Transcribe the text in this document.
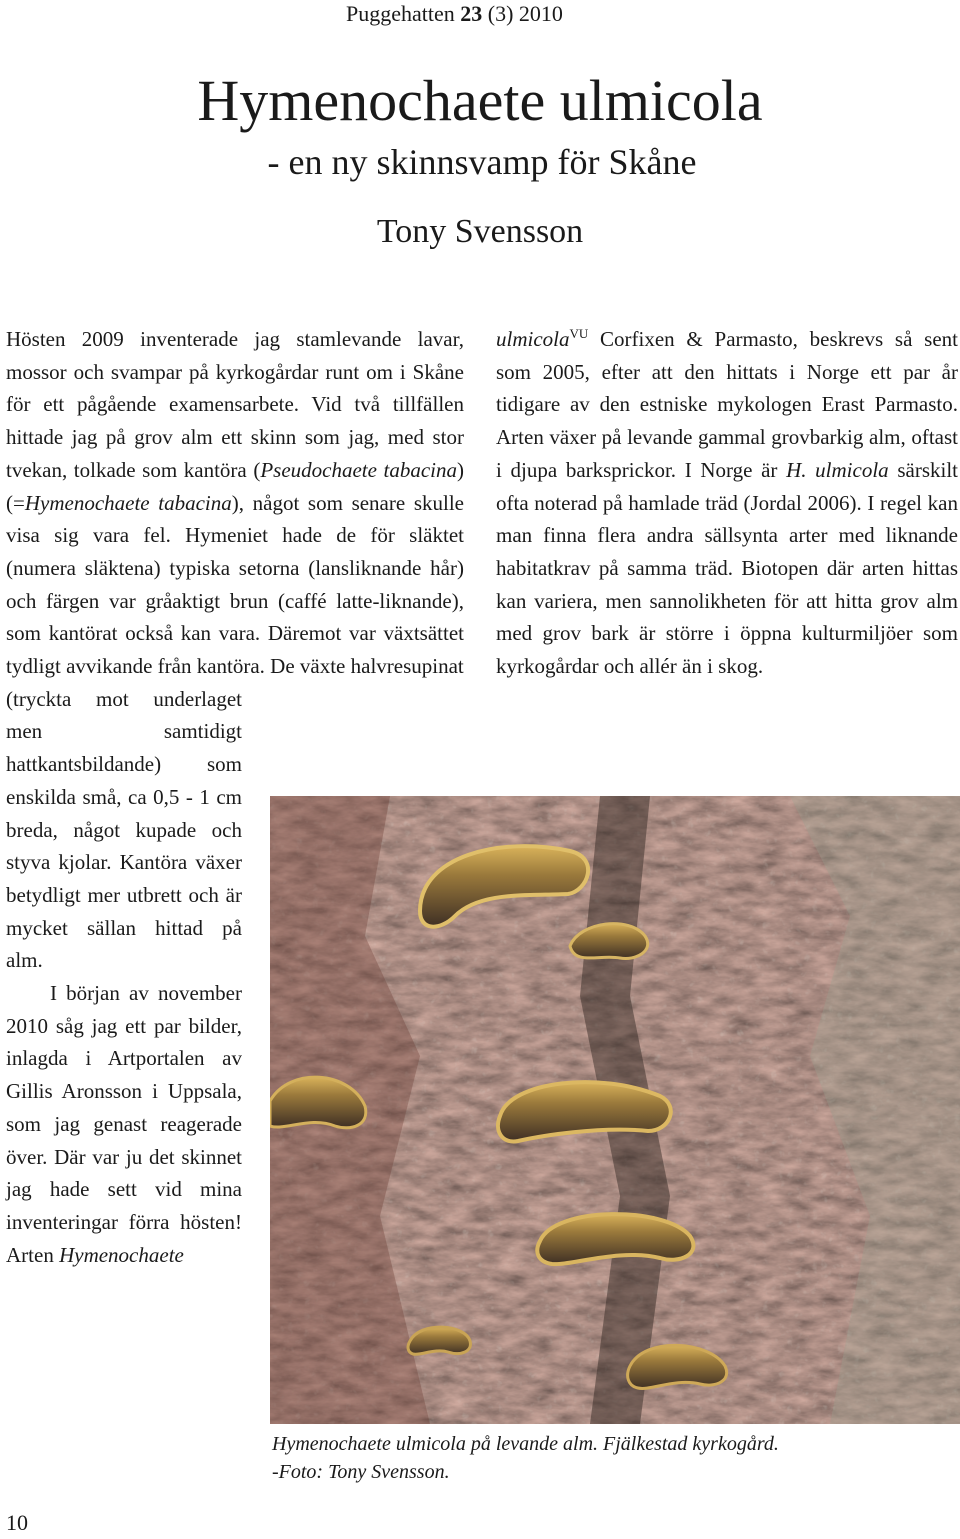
Puggehatten 23 (3) 2010
Hymenochaete ulmicola
- en ny skinnsvamp för Skåne
Tony Svensson

Hösten 2009 inventerade jag stamlevande lavar, mossor och svampar på kyrkogårdar runt om i Skåne för ett pågående examensarbete. Vid två tillfällen hittade jag på grov alm ett skinn som jag, med stor tvekan, tolkade som kantöra (Pseudochaete tabacina) (=Hymenochaete tabacina), något som senare skulle visa sig vara fel. Hymeniet hade de för släktet (numera släktena) typiska setorna (lansliknande hår) och färgen var gråaktigt brun (caffé latte-liknande), som kantörat också kan vara. Däremot var växtsättet tydligt avvikande från kantöra. De växte halvresupinat

(tryckta mot underlaget men samtidigt hattkantsbildande) som enskilda små, ca 0,5 - 1 cm breda, något kupade och styva kjolar. Kantöra växer betydligt mer utbrett och är mycket sällan hittad på alm.

I början av november 2010 såg jag ett par bilder, inlagda i Artportalen av Gillis Aronsson i Uppsala, som jag genast reagerade över. Där var ju det skinnet jag hade sett vid mina inventeringar förra hösten! Arten Hymenochaete

ulmicola$^{VU}$ Corfixen & Parmasto, beskrevs så sent som 2005, efter att den hittats i Norge ett par år tidigare av den estniske mykologen Erast Parmasto. Arten växer på levande gammal grovbarkig alm, oftast i djupa barksprickor. I Norge är H. ulmicola särskilt ofta noterad på hamlade träd (Jordal 2006). I regel kan man finna flera andra sällsynta arter med liknande habitatkrav på samma träd. Biotopen där arten hittas kan variera, men sannolikheten för att hitta grov alm med grov bark är större i öppna kulturmiljöer som kyrkogårdar och allér än i skog.

Hymenochaete ulmicola på levande alm. Fjälkestad kyrkogård.
-Foto: Tony Svensson.
10
